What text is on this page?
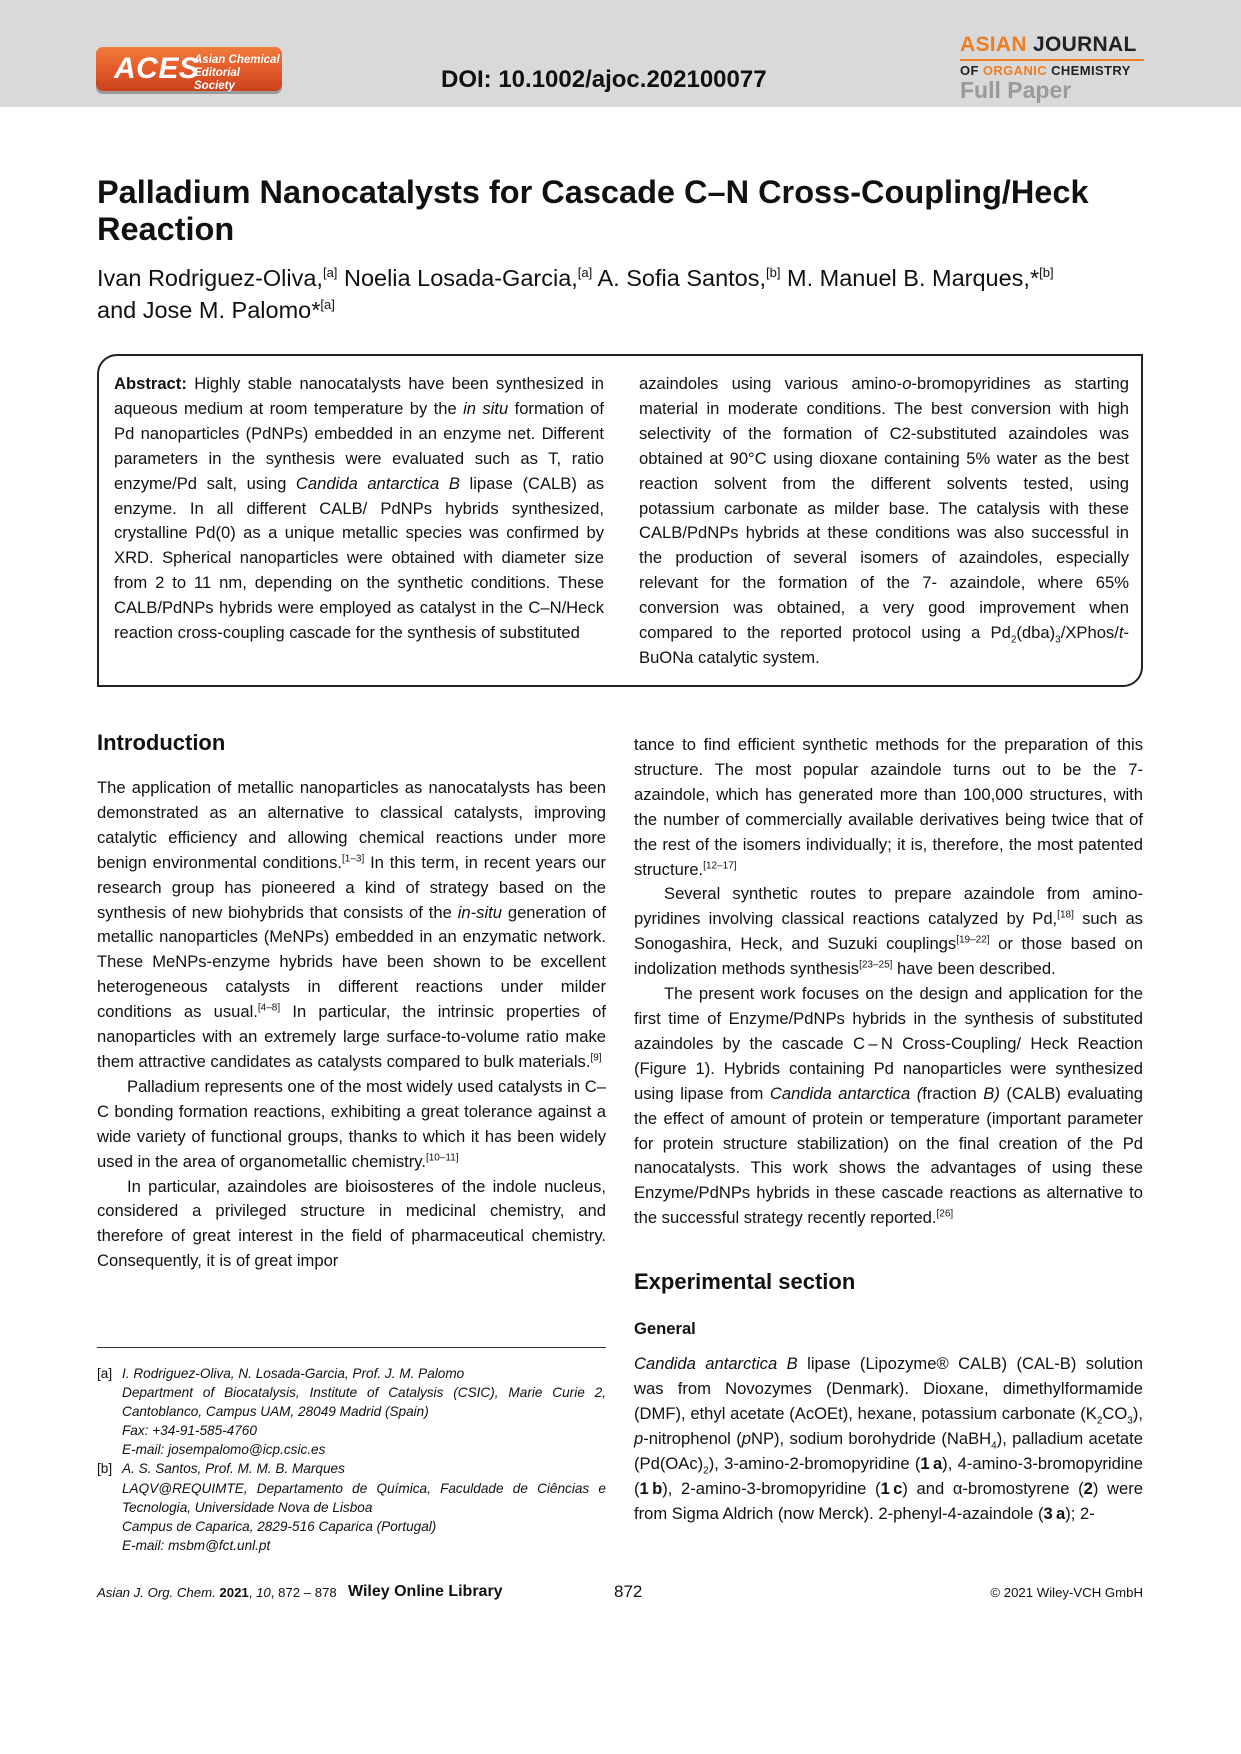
ACES
Asian Chemical
Editorial Society	DOI: 10.1002/ajoc.202100077
ASIAN JOURNAL
OF ORGANIC CHEMISTRY
Full Paper
Palladium Nanocatalysts for Cascade C–N Cross-Coupling/Heck
Reaction
Ivan Rodriguez-Oliva,[a] Noelia Losada-Garcia,[a] A. Sofia Santos,[b] M. Manuel B. Marques,*[b]
and Jose M. Palomo*[a]
Abstract: Highly stable nanocatalysts have been synthesized in aqueous medium at room temperature by the in situ formation of Pd nanoparticles (PdNPs) embedded in an enzyme net. Different parameters in the synthesis were evaluated such as T, ratio enzyme/Pd salt, using Candida antarctica B lipase (CALB) as enzyme. In all different CALB/ PdNPs hybrids synthesized, crystalline Pd(0) as a unique metallic species was confirmed by XRD. Spherical nanoparticles were obtained with diameter size from 2 to 11 nm, depending on the synthetic conditions. These CALB/PdNPs hybrids were employed as catalyst in the C–N/Heck reaction cross-coupling cascade for the synthesis of substituted
azaindoles using various amino-o-bromopyridines as starting material in moderate conditions. The best conversion with high selectivity of the formation of C2-substituted azaindoles was obtained at 90°C using dioxane containing 5% water as the best reaction solvent from the different solvents tested, using potassium carbonate as milder base. The catalysis with these CALB/PdNPs hybrids at these conditions was also successful in the production of several isomers of azaindoles, especially relevant for the formation of the 7- azaindole, where 65% conversion was obtained, a very good improvement when compared to the reported protocol using a $Pd_2(dba)_3/XPhos/t$-BuONa catalytic system.
Introduction

The application of metallic nanoparticles as nanocatalysts has been demonstrated as an alternative to classical catalysts, improving catalytic efficiency and allowing chemical reactions under more benign environmental conditions.[1–3] In this term, in recent years our research group has pioneered a kind of strategy based on the synthesis of new biohybrids that consists of the in-situ generation of metallic nanoparticles (MeNPs) embedded in an enzymatic network. These MeNPs-enzyme hybrids have been shown to be excellent heterogeneous catalysts in different reactions under milder conditions as usual.[4–8] In particular, the intrinsic properties of nanoparticles with an extremely large surface-to-volume ratio make them attractive candidates as catalysts compared to bulk materials.[9]

Palladium represents one of the most widely used catalysts in C–C bonding formation reactions, exhibiting a great tolerance against a wide variety of functional groups, thanks to which it has been widely used in the area of organometallic chemistry.[10–11]

In particular, azaindoles are bioisosteres of the indole nucleus, considered a privileged structure in medicinal chemistry, and therefore of great interest in the field of pharmaceutical chemistry. Consequently, it is of great impor

[a] I. Rodriguez-Oliva, N. Losada-Garcia, Prof. J. M. Palomo
Department of Biocatalysis, Institute of Catalysis (CSIC), Marie Curie 2, Cantoblanco, Campus UAM, 28049 Madrid (Spain)
Fax: +34-91-585-4760
E-mail: josempalomo@icp.csic.es
[b] A. S. Santos, Prof. M. M. B. Marques
LAQV@REQUIMTE, Departamento de Química, Faculdade de Ciências e Tecnologia, Universidade Nova de Lisboa
Campus de Caparica, 2829-516 Caparica (Portugal)
E-mail: msbm@fct.unl.pt

tance to find efficient synthetic methods for the preparation of this structure. The most popular azaindole turns out to be the 7-azaindole, which has generated more than 100,000 structures, with the number of commercially available derivatives being twice that of the rest of the isomers individually; it is, therefore, the most patented structure.[12–17]

Several synthetic routes to prepare azaindole from aminopyridines involving classical reactions catalyzed by Pd,[18] such as Sonogashira, Heck, and Suzuki couplings[19–22] or those based on indolization methods synthesis[23–25] have been described.

The present work focuses on the design and application for the first time of Enzyme/PdNPs hybrids in the synthesis of substituted azaindoles by the cascade C – N Cross-Coupling/ Heck Reaction (Figure 1). Hybrids containing Pd nanoparticles were synthesized using lipase from Candida antarctica (fraction B) (CALB) evaluating the effect of amount of protein or temperature (important parameter for protein structure stabilization) on the final creation of the Pd nanocatalysts. This work shows the advantages of using these Enzyme/PdNPs hybrids in these cascade reactions as alternative to the successful strategy recently reported.[26]

Experimental section
General

Candida antarctica B lipase (Lipozyme® CALB) (CAL-B) solution was from Novozymes (Denmark). Dioxane, dimethylformamide (DMF), ethyl acetate (AcOEt), hexane, potassium carbonate $(K_2CO_3)$, p-nitrophenol (pNP), sodium borohydride (NaBH$_4$), palladium acetate $(Pd(OAc)_2)$, 3-amino-2-bromopyridine (1 a), 4-amino-3-bromopyridine (1 b), 2-amino-3-bromopyridine (1 c) and α-bromostyrene (2) were from Sigma Aldrich (now Merck). 2-phenyl-4-azaindole (3 a); 2-

Asian J. Org. Chem. 2021, 10, 872 – 878 Wiley Online Library	872	© 2021 Wiley-VCH GmbH
